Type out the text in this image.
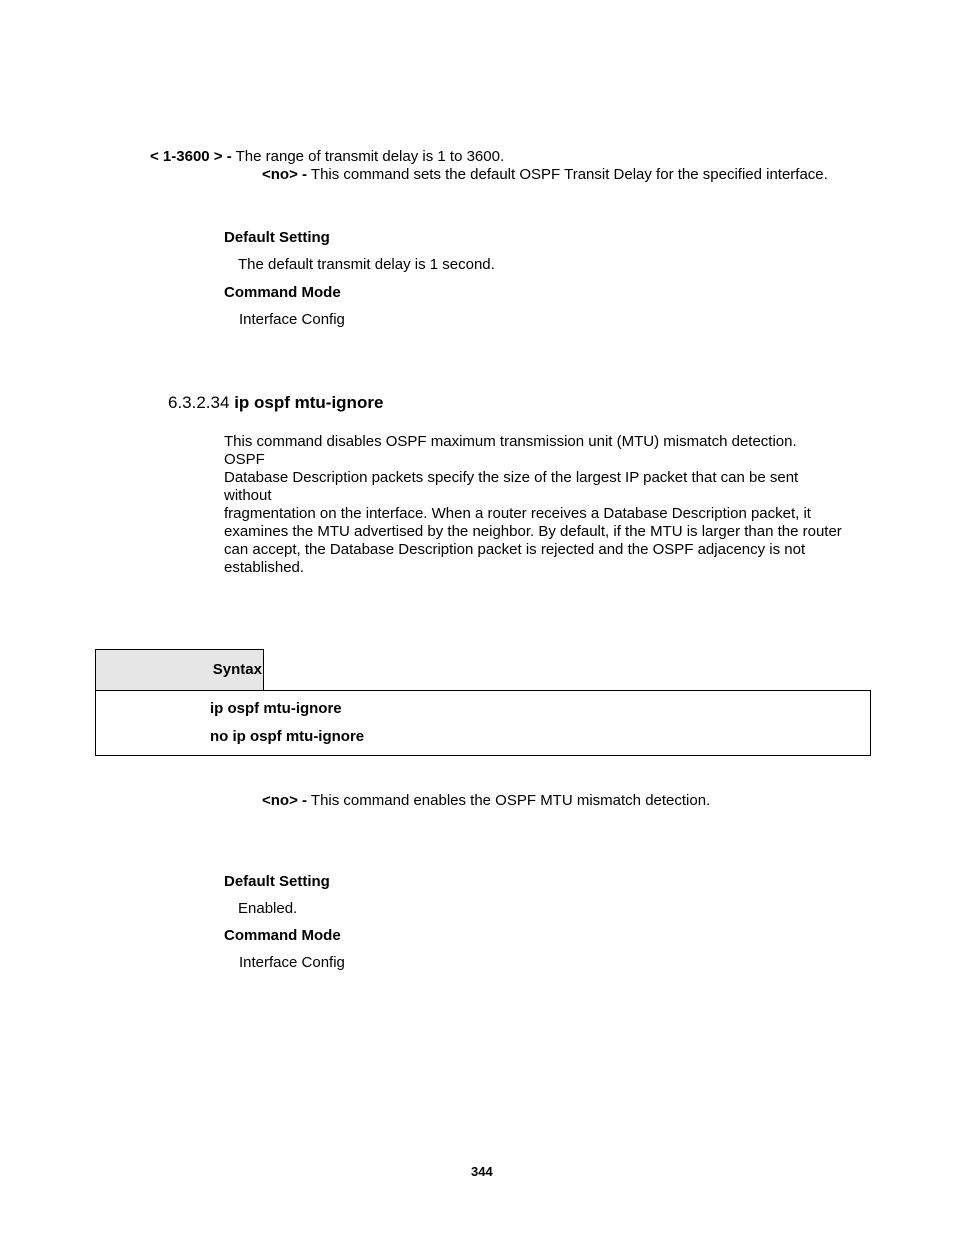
< 1-3600 > - The range of transmit delay is 1 to 3600.
<no> - This command sets the default OSPF Transit Delay for the specified interface.
Default Setting
The default transmit delay is 1 second.
Command Mode
Interface Config
6.3.2.34 ip ospf mtu-ignore
This command disables OSPF maximum transmission unit (MTU) mismatch detection.
OSPF
Database Description packets specify the size of the largest IP packet that can be sent
without
fragmentation on the interface. When a router receives a Database Description packet, it
examines the MTU advertised by the neighbor. By default, if the MTU is larger than the router
can accept, the Database Description packet is rejected and the OSPF adjacency is not
established.
Syntax
ip ospf mtu-ignore
no ip ospf mtu-ignore
<no> - This command enables the OSPF MTU mismatch detection.
Default Setting
Enabled.
Command Mode
Interface Config
344
